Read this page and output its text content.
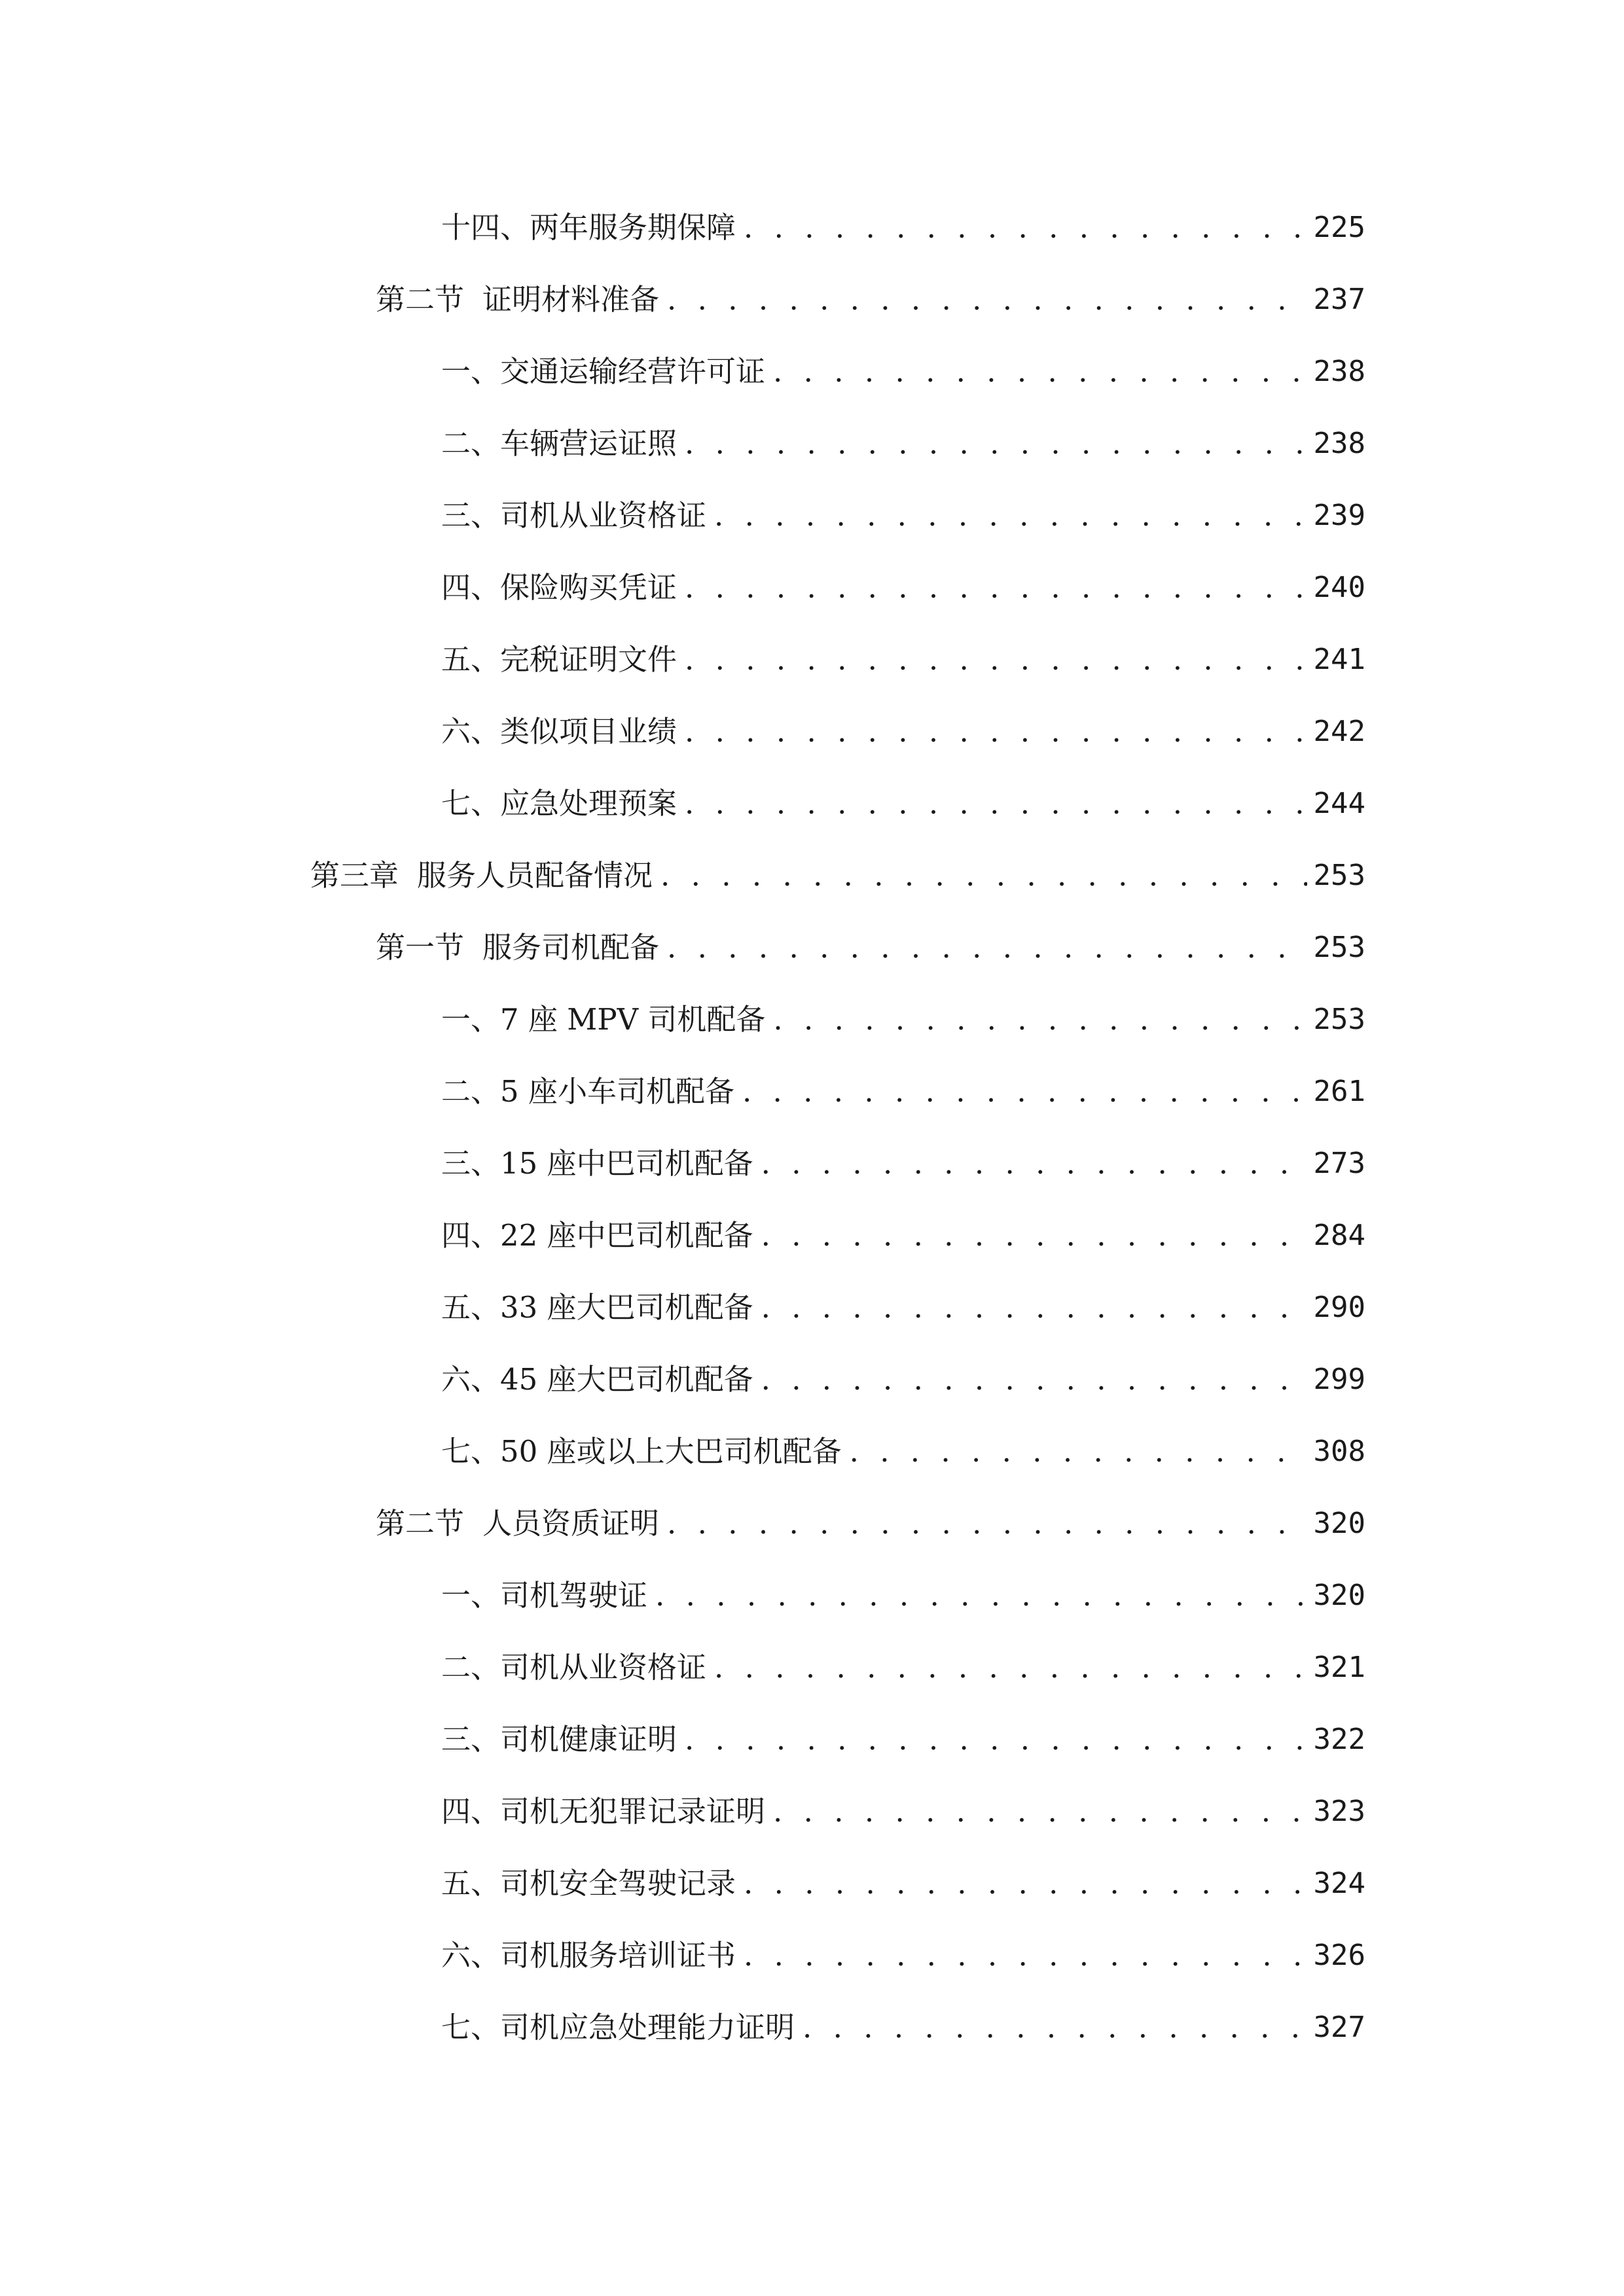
十四、 两年服务期保障 . . .	225
第二节 证明材料准备 . . .	237
一、 交通运输经营许可证 . . .	238
二、 车辆营运证照 . . .	238
三、 司机从业资格证 . . .	239
四、 保险购买凭证 . . .	240
五、 完税证明文件 . . .	241
六、 类似项目业绩 . . .	242
七、 应急处理预案 . . .	244
第三章 服务人员配备情况 . . .	253
第一节 服务司机配备 . . .	253
一、 7 座 MPV 司机配备 . . .	253
二、 5 座小车司机配备 . . .	261
三、 15 座中巴司机配备 . . .	273
四、 22 座中巴司机配备 . . .	284
五、 33 座大巴司机配备 . . .	290
六、 45 座大巴司机配备 . . .	299
七、 50 座或以上大巴司机配备 . . .	308
第二节 人员资质证明 . . .	320
一、 司机驾驶证 . . .	320
二、 司机从业资格证 . . .	321
三、 司机健康证明 . . .	322
四、 司机无犯罪记录证明 . . .	323
五、 司机安全驾驶记录 . . .	324
六、 司机服务培训证书 . . .	326
七、 司机应急处理能力证明 . . .	327
